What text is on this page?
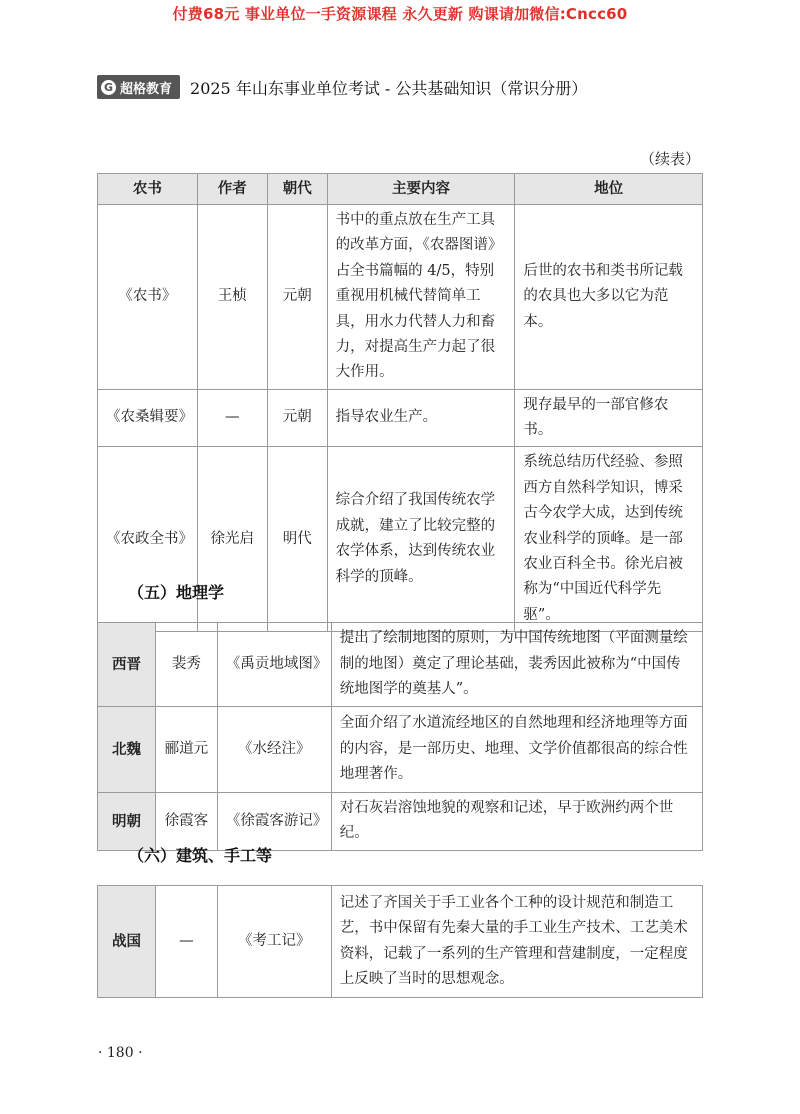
付费68元 事业单位一手资源课程 永久更新 购课请加微信:Cncc60
G 超格教育 2025 年山东事业单位考试 - 公共基础知识（常识分册）
（续表）
农书	作者	朝代	主要内容	地位
《农书》	王桢	元朝	书中的重点放在生产工具的改革方面，《农器图谱》占全书篇幅的 4/5，特别重视用机械代替简单工具，用水力代替人力和畜力，对提高生产力起了很大作用。	后世的农书和类书所记载的农具也大多以它为范本。
《农桑辑要》	—	元朝	指导农业生产。	现存最早的一部官修农书。
《农政全书》	徐光启	明代	综合介绍了我国传统农学成就，建立了比较完整的农学体系，达到传统农业科学的顶峰。	系统总结历代经验、参照西方自然科学知识，博采古今农学大成，达到传统农业科学的顶峰。是一部农业百科全书。徐光启被称为“中国近代科学先驱”。
（五）地理学
西晋	裴秀	《禹贡地域图》	提出了绘制地图的原则，为中国传统地图（平面测量绘制的地图）奠定了理论基础，裴秀因此被称为“中国传统地图学的奠基人”。
北魏	郦道元	《水经注》	全面介绍了水道流经地区的自然地理和经济地理等方面的内容，是一部历史、地理、文学价值都很高的综合性地理著作。
明朝	徐霞客	《徐霞客游记》	对石灰岩溶蚀地貌的观察和记述，早于欧洲约两个世纪。
（六）建筑、手工等
战国	—	《考工记》	记述了齐国关于手工业各个工种的设计规范和制造工艺，书中保留有先秦大量的手工业生产技术、工艺美术资料，记载了一系列的生产管理和营建制度，一定程度上反映了当时的思想观念。
· 180 ·
